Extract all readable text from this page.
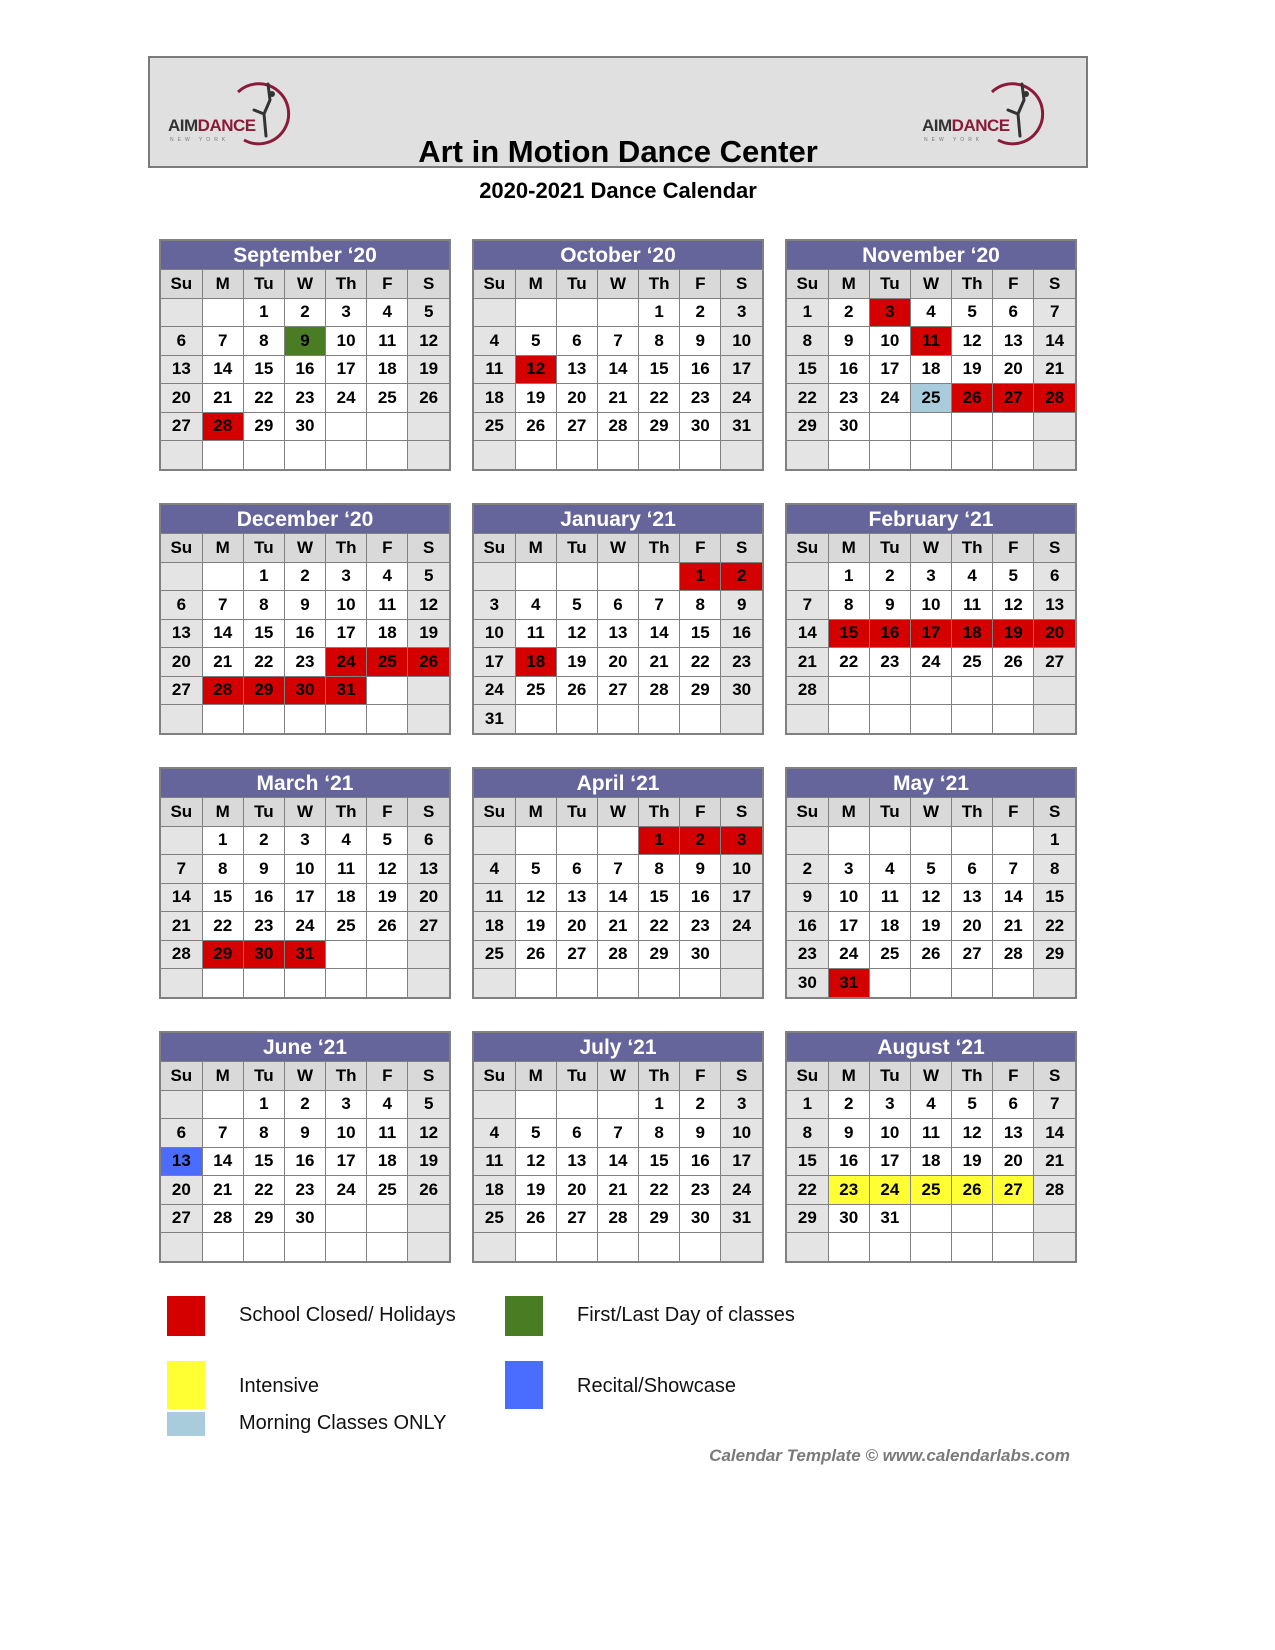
AIMDANCE
NEW YORK
AIMDANCE
NEW YORK
Art in Motion Dance Center
2020-2021 Dance Calendar
September ‘20
Su	M	Tu	W	Th	F	S
		1	2	3	4	5
6	7	8	9	10	11	12
13	14	15	16	17	18	19
20	21	22	23	24	25	26
27	28	29	30			

October ‘20
Su	M	Tu	W	Th	F	S
				1	2	3
4	5	6	7	8	9	10
11	12	13	14	15	16	17
18	19	20	21	22	23	24
25	26	27	28	29	30	31

November ‘20
Su	M	Tu	W	Th	F	S
1	2	3	4	5	6	7
8	9	10	11	12	13	14
15	16	17	18	19	20	21
22	23	24	25	26	27	28
29	30					

December ‘20
Su	M	Tu	W	Th	F	S
		1	2	3	4	5
6	7	8	9	10	11	12
13	14	15	16	17	18	19
20	21	22	23	24	25	26
27	28	29	30	31		

January ‘21
Su	M	Tu	W	Th	F	S
					1	2
3	4	5	6	7	8	9
10	11	12	13	14	15	16
17	18	19	20	21	22	23
24	25	26	27	28	29	30
31						
February ‘21
Su	M	Tu	W	Th	F	S
	1	2	3	4	5	6
7	8	9	10	11	12	13
14	15	16	17	18	19	20
21	22	23	24	25	26	27
28						

March ‘21
Su	M	Tu	W	Th	F	S
	1	2	3	4	5	6
7	8	9	10	11	12	13
14	15	16	17	18	19	20
21	22	23	24	25	26	27
28	29	30	31			

April ‘21
Su	M	Tu	W	Th	F	S
				1	2	3
4	5	6	7	8	9	10
11	12	13	14	15	16	17
18	19	20	21	22	23	24
25	26	27	28	29	30	

May ‘21
Su	M	Tu	W	Th	F	S
						1
2	3	4	5	6	7	8
9	10	11	12	13	14	15
16	17	18	19	20	21	22
23	24	25	26	27	28	29
30	31					
June ‘21
Su	M	Tu	W	Th	F	S
		1	2	3	4	5
6	7	8	9	10	11	12
13	14	15	16	17	18	19
20	21	22	23	24	25	26
27	28	29	30			

July ‘21
Su	M	Tu	W	Th	F	S
				1	2	3
4	5	6	7	8	9	10
11	12	13	14	15	16	17
18	19	20	21	22	23	24
25	26	27	28	29	30	31

August ‘21
Su	M	Tu	W	Th	F	S
1	2	3	4	5	6	7
8	9	10	11	12	13	14
15	16	17	18	19	20	21
22	23	24	25	26	27	28
29	30	31				

School Closed/ Holidays	First/Last Day of classes
Intensive	Recital/Showcase
Morning Classes ONLY
Calendar Template © www.calendarlabs.com
